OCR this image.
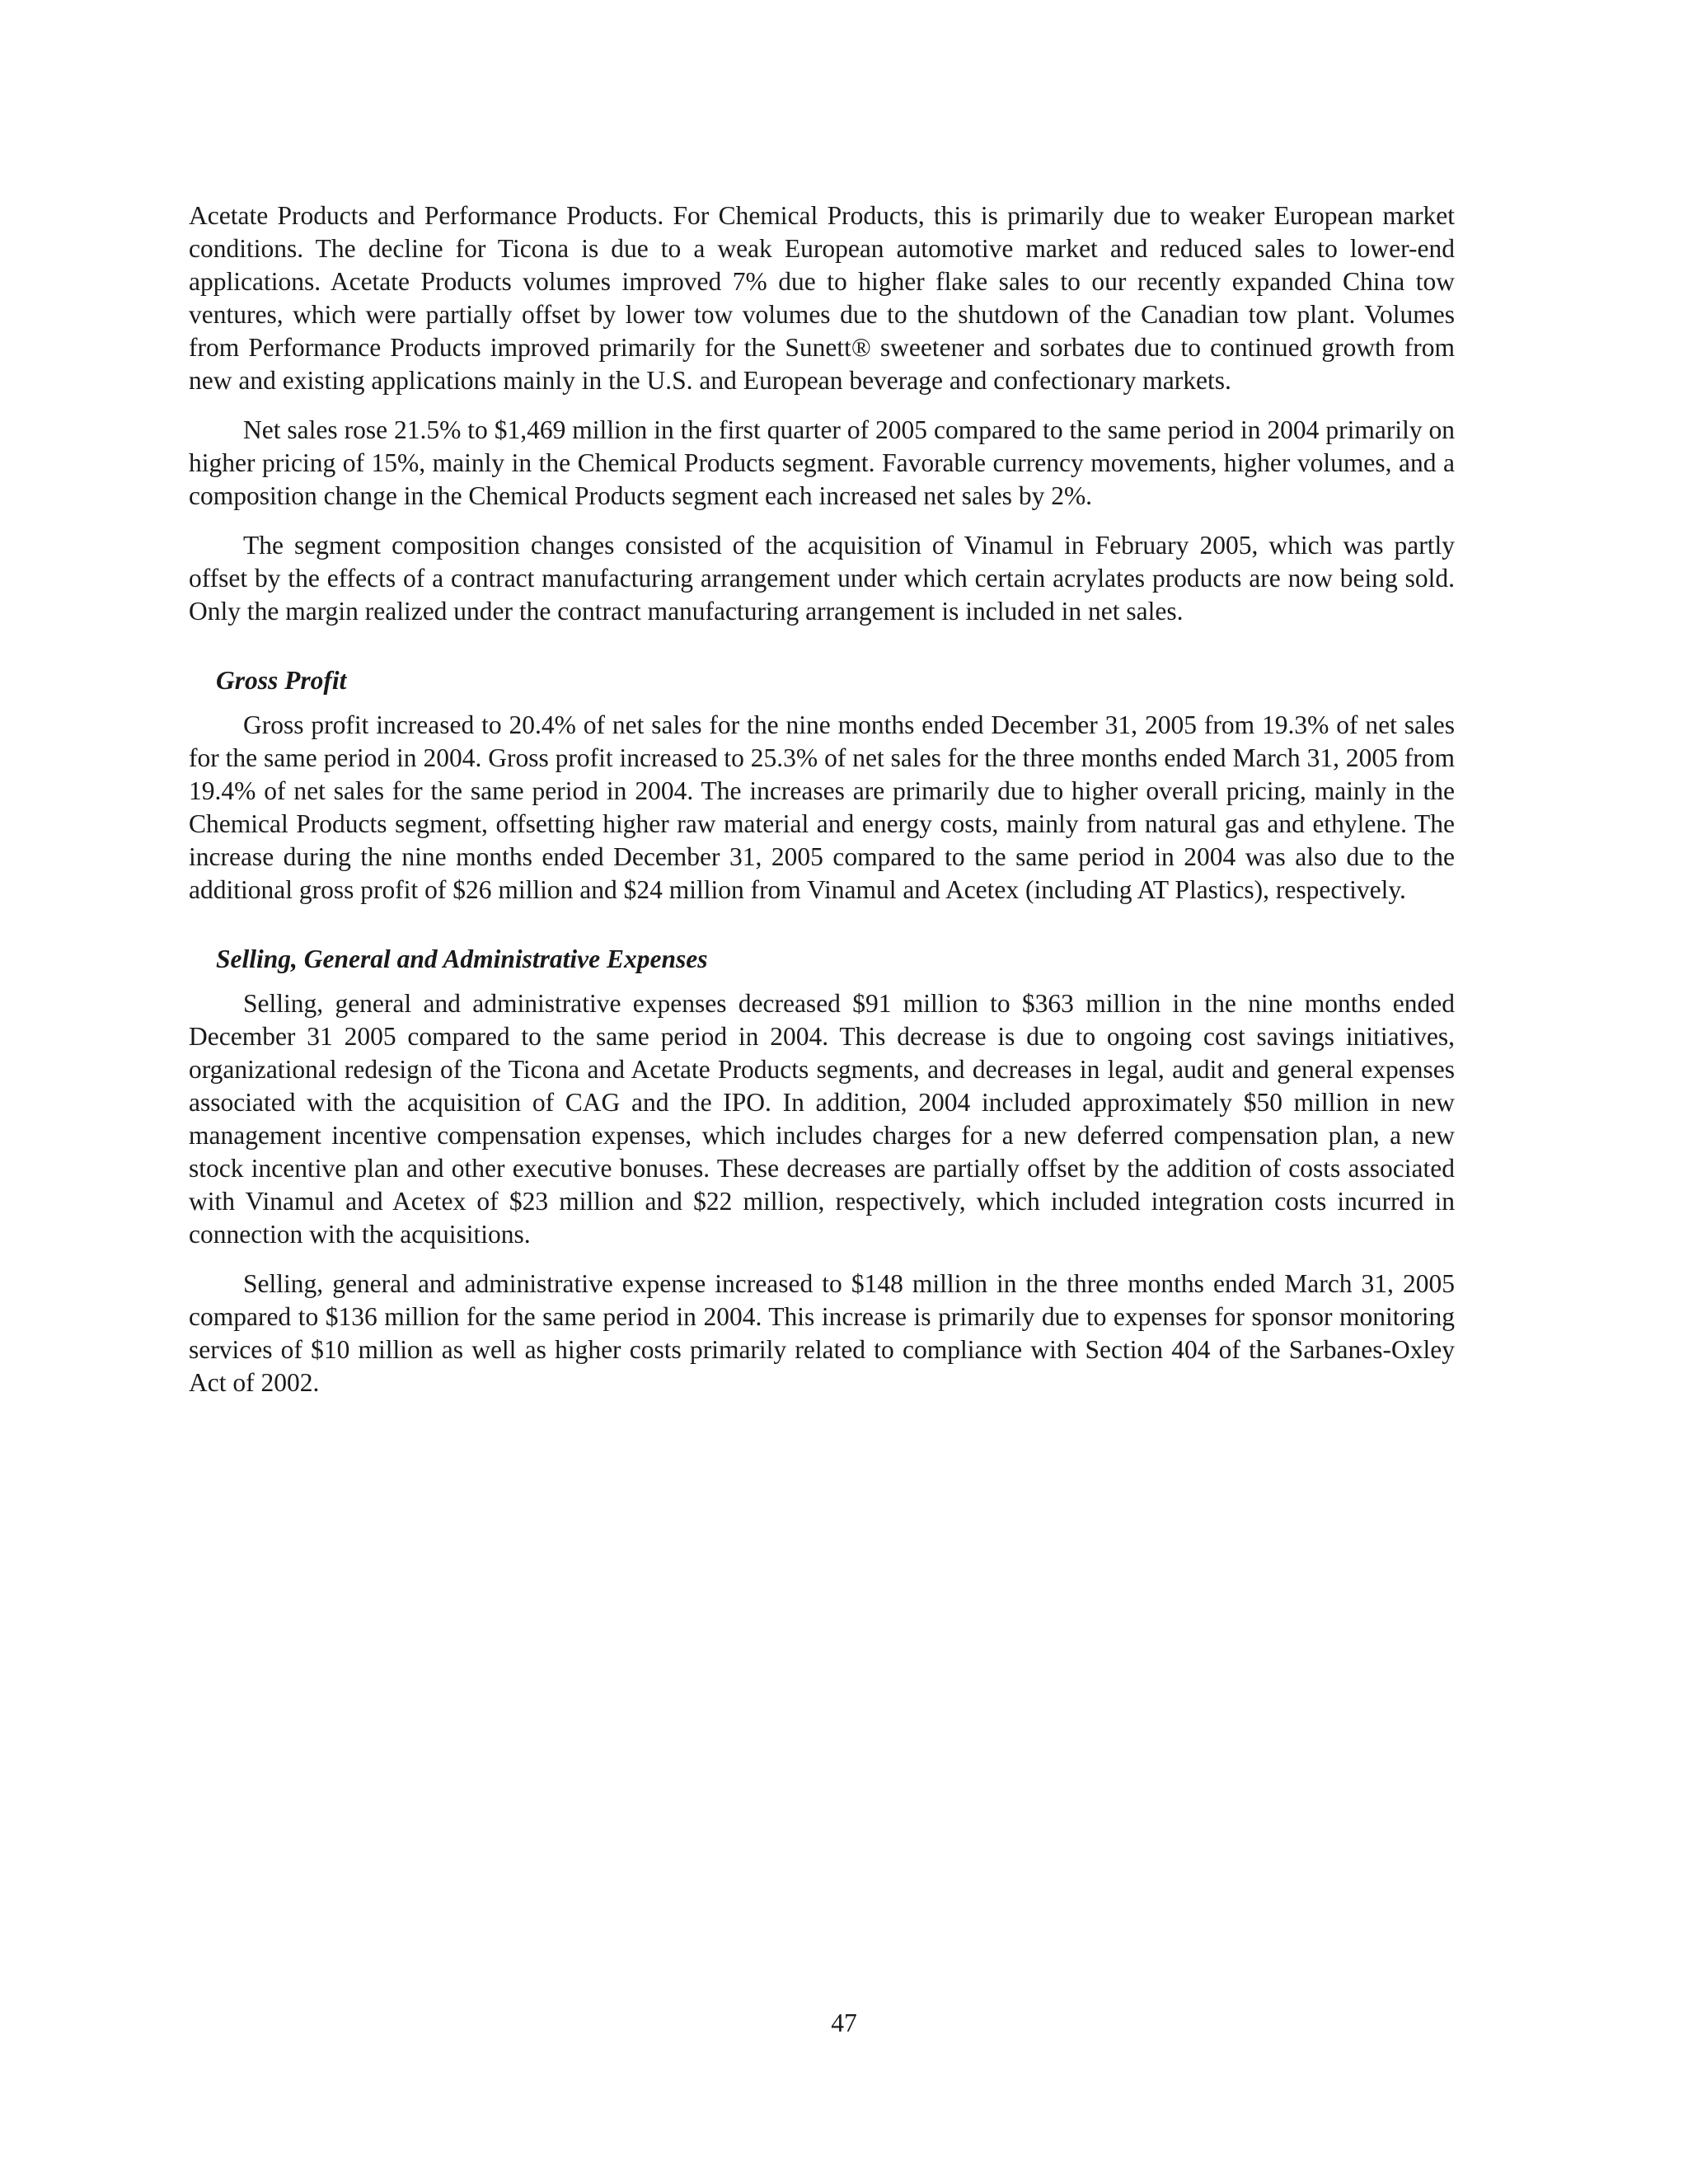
Acetate Products and Performance Products. For Chemical Products, this is primarily due to weaker European market conditions. The decline for Ticona is due to a weak European automotive market and reduced sales to lower-end applications. Acetate Products volumes improved 7% due to higher flake sales to our recently expanded China tow ventures, which were partially offset by lower tow volumes due to the shutdown of the Canadian tow plant. Volumes from Performance Products improved primarily for the Sunett® sweetener and sorbates due to continued growth from new and existing applications mainly in the U.S. and European beverage and confectionary markets.

Net sales rose 21.5% to $1,469 million in the first quarter of 2005 compared to the same period in 2004 primarily on higher pricing of 15%, mainly in the Chemical Products segment. Favorable currency movements, higher volumes, and a composition change in the Chemical Products segment each increased net sales by 2%.

The segment composition changes consisted of the acquisition of Vinamul in February 2005, which was partly offset by the effects of a contract manufacturing arrangement under which certain acrylates products are now being sold. Only the margin realized under the contract manufacturing arrangement is included in net sales.

Gross Profit

Gross profit increased to 20.4% of net sales for the nine months ended December 31, 2005 from 19.3% of net sales for the same period in 2004. Gross profit increased to 25.3% of net sales for the three months ended March 31, 2005 from 19.4% of net sales for the same period in 2004. The increases are primarily due to higher overall pricing, mainly in the Chemical Products segment, offsetting higher raw material and energy costs, mainly from natural gas and ethylene. The increase during the nine months ended December 31, 2005 compared to the same period in 2004 was also due to the additional gross profit of $26 million and $24 million from Vinamul and Acetex (including AT Plastics), respectively.

Selling, General and Administrative Expenses

Selling, general and administrative expenses decreased $91 million to $363 million in the nine months ended December 31 2005 compared to the same period in 2004. This decrease is due to ongoing cost savings initiatives, organizational redesign of the Ticona and Acetate Products segments, and decreases in legal, audit and general expenses associated with the acquisition of CAG and the IPO. In addition, 2004 included approximately $50 million in new management incentive compensation expenses, which includes charges for a new deferred compensation plan, a new stock incentive plan and other executive bonuses. These decreases are partially offset by the addition of costs associated with Vinamul and Acetex of $23 million and $22 million, respectively, which included integration costs incurred in connection with the acquisitions.

Selling, general and administrative expense increased to $148 million in the three months ended March 31, 2005 compared to $136 million for the same period in 2004. This increase is primarily due to expenses for sponsor monitoring services of $10 million as well as higher costs primarily related to compliance with Section 404 of the Sarbanes-Oxley Act of 2002.

47
